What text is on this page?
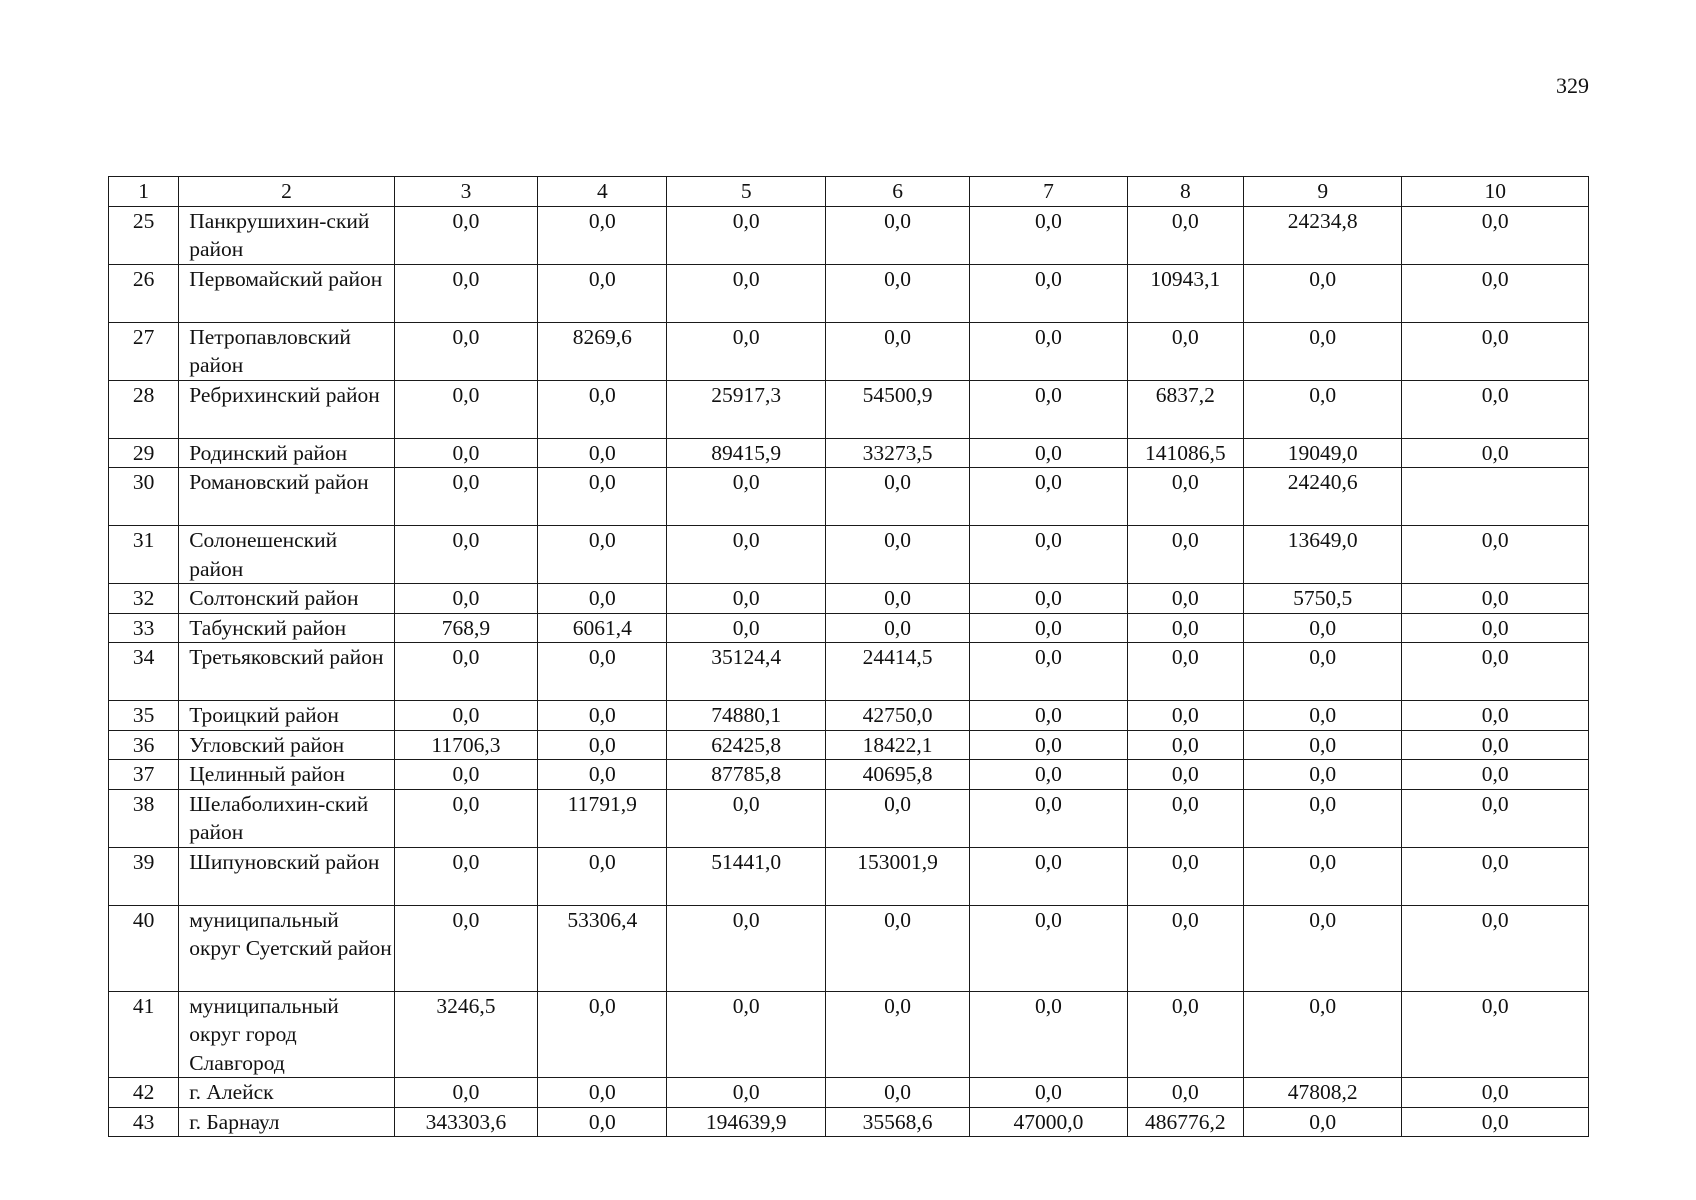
329
1	2	3	4	5	6	7	8	9	10
25	Панкрушихин-ский район	0,0	0,0	0,0	0,0	0,0	0,0	24234,8	0,0
26	Первомайский район	0,0	0,0	0,0	0,0	0,0	10943,1	0,0	0,0
27	Петропавловский район	0,0	8269,6	0,0	0,0	0,0	0,0	0,0	0,0
28	Ребрихинский район	0,0	0,0	25917,3	54500,9	0,0	6837,2	0,0	0,0
29	Родинский район	0,0	0,0	89415,9	33273,5	0,0	141086,5	19049,0	0,0
30	Романовский район	0,0	0,0	0,0	0,0	0,0	0,0	24240,6	
31	Солонешенский район	0,0	0,0	0,0	0,0	0,0	0,0	13649,0	0,0
32	Солтонский район	0,0	0,0	0,0	0,0	0,0	0,0	5750,5	0,0
33	Табунский район	768,9	6061,4	0,0	0,0	0,0	0,0	0,0	0,0
34	Третьяковский район	0,0	0,0	35124,4	24414,5	0,0	0,0	0,0	0,0
35	Троицкий район	0,0	0,0	74880,1	42750,0	0,0	0,0	0,0	0,0
36	Угловский район	11706,3	0,0	62425,8	18422,1	0,0	0,0	0,0	0,0
37	Целинный район	0,0	0,0	87785,8	40695,8	0,0	0,0	0,0	0,0
38	Шелаболихин-ский район	0,0	11791,9	0,0	0,0	0,0	0,0	0,0	0,0
39	Шипуновский район	0,0	0,0	51441,0	153001,9	0,0	0,0	0,0	0,0
40	муниципальный округ Суетский район	0,0	53306,4	0,0	0,0	0,0	0,0	0,0	0,0
41	муниципальный округ город Славгород	3246,5	0,0	0,0	0,0	0,0	0,0	0,0	0,0
42	г. Алейск	0,0	0,0	0,0	0,0	0,0	0,0	47808,2	0,0
43	г. Барнаул	343303,6	0,0	194639,9	35568,6	47000,0	486776,2	0,0	0,0
